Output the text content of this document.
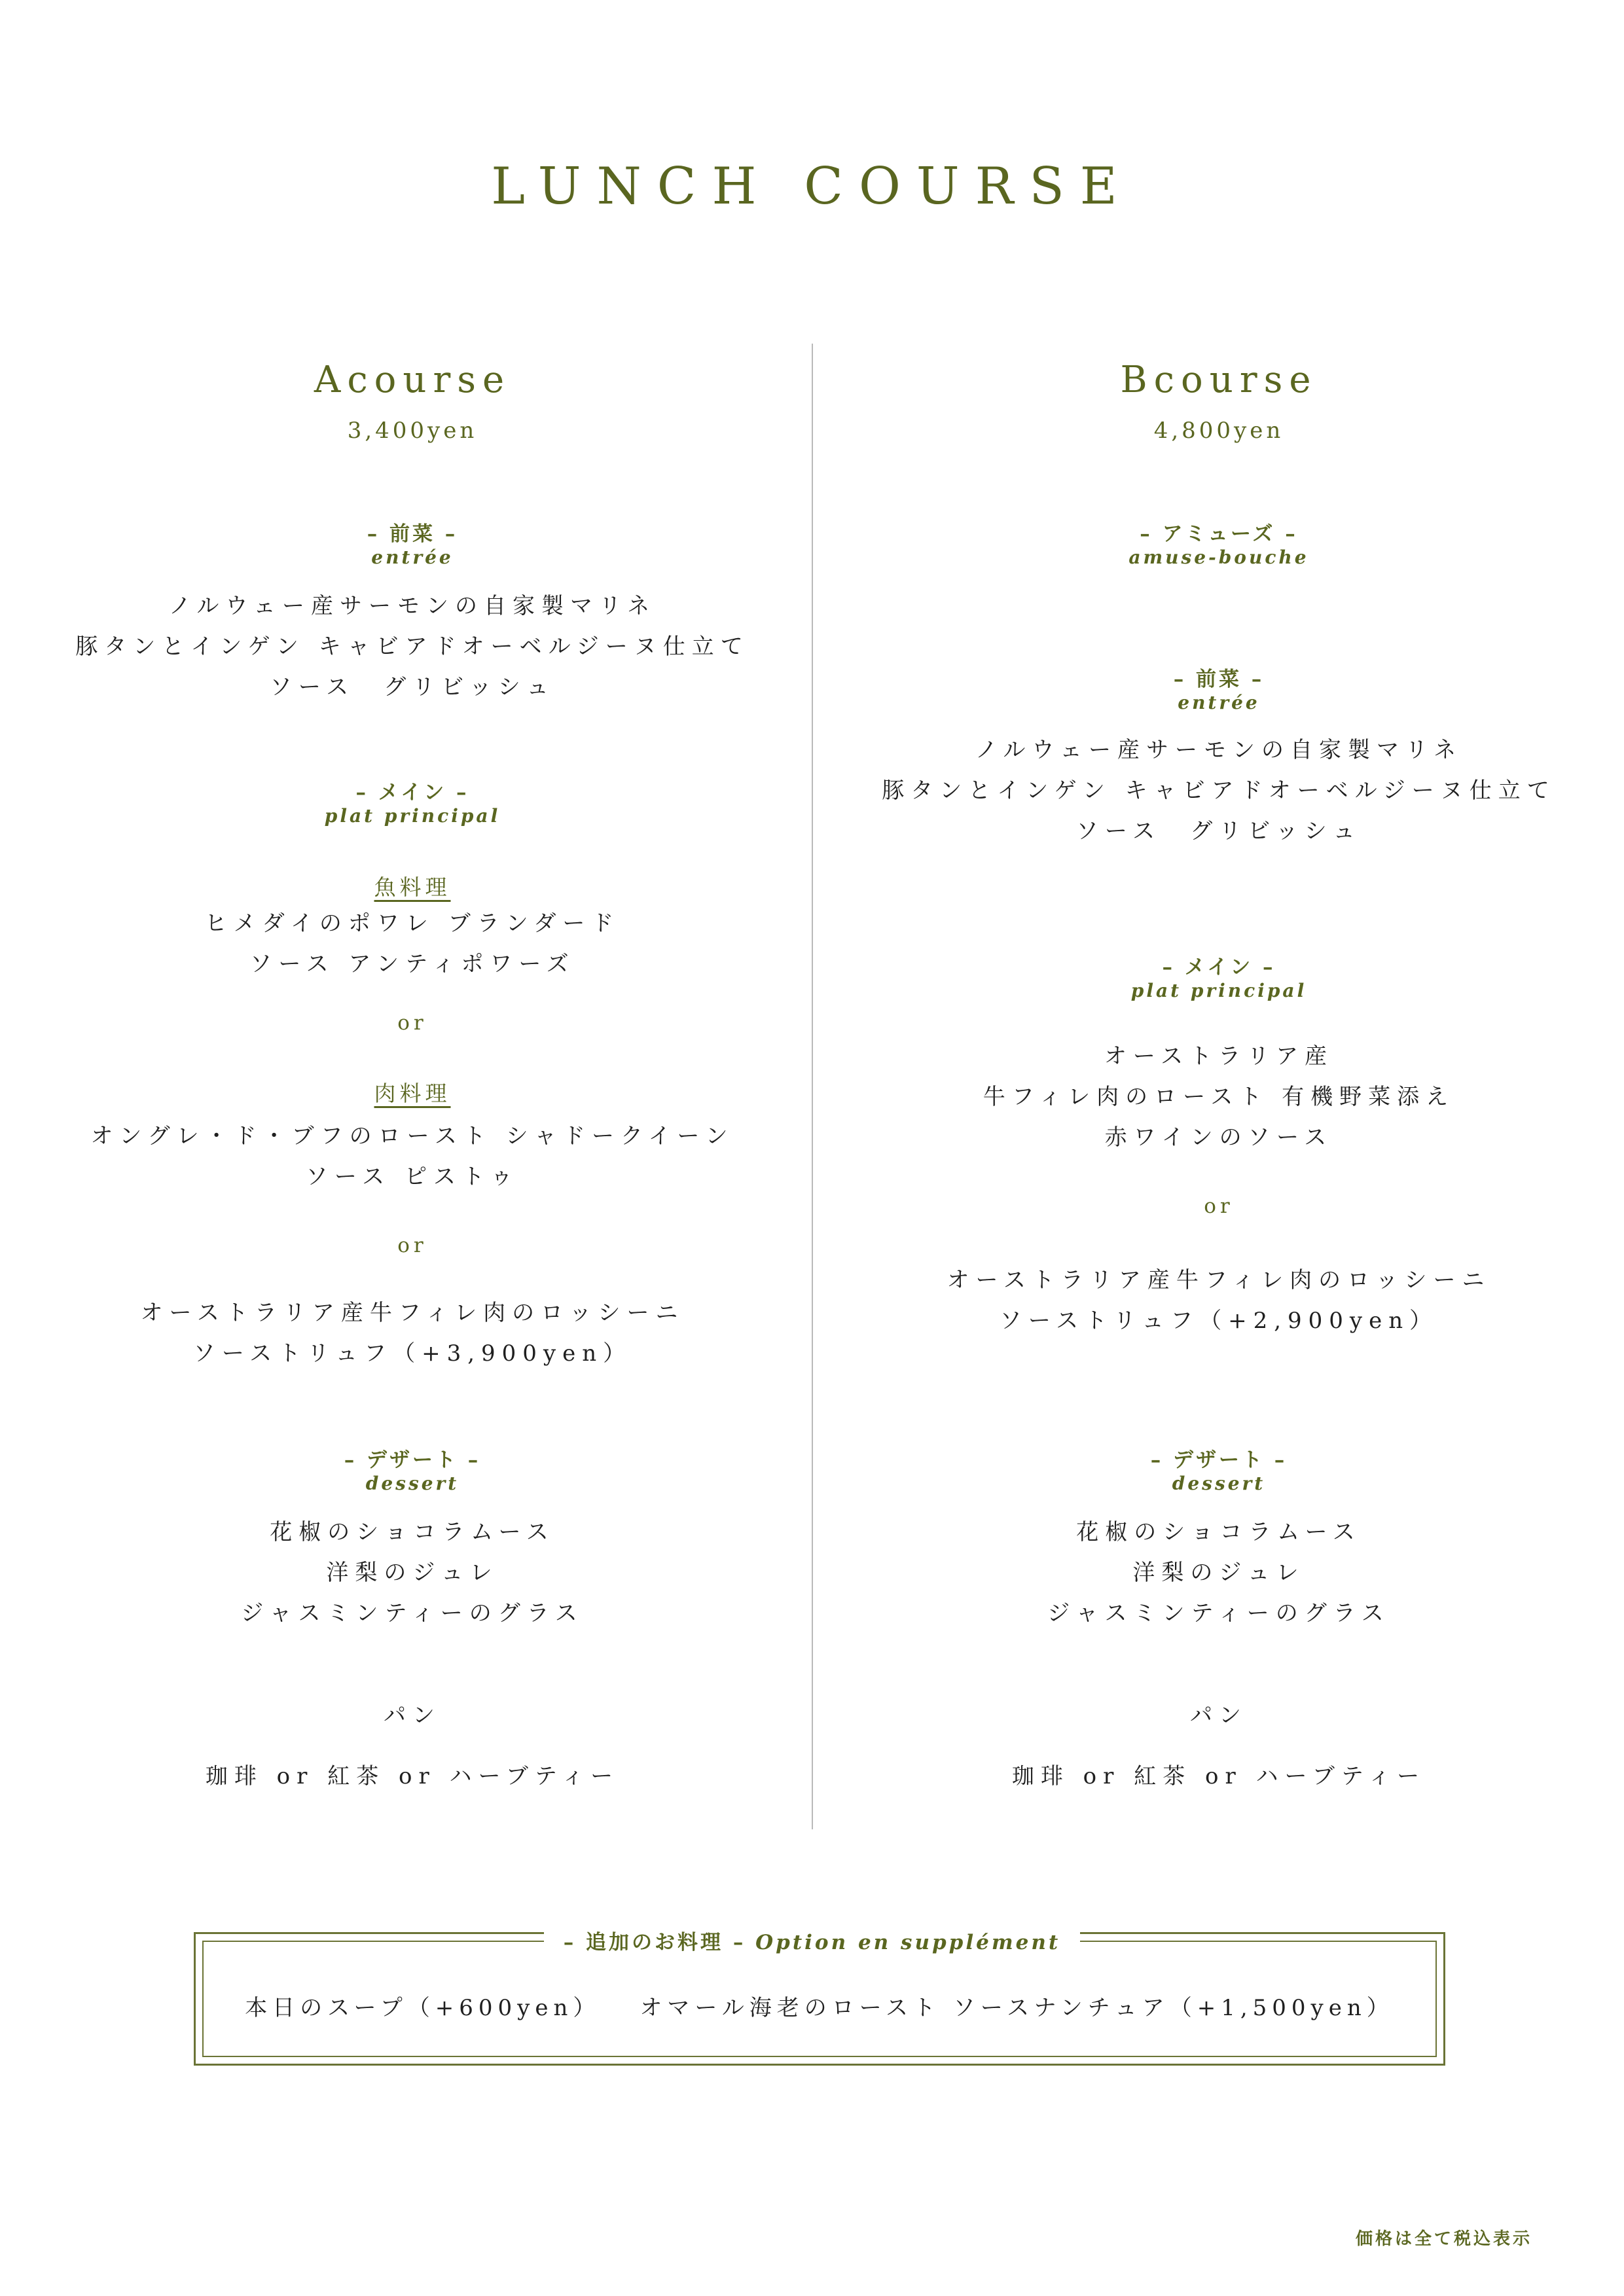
LUNCH COURSE
Acourse
3,400yen
– 前菜 –
entrée
ノルウェー産サーモンの自家製マリネ
豚タンとインゲン キャビアドオーベルジーヌ仕立て
ソース　グリビッシュ
– メイン –
plat principal
魚料理
ヒメダイのポワレ ブランダード
ソース アンティポワーズ
or
肉料理
オングレ・ド・ブフのロースト シャドークイーン
ソース ピストゥ
or
オーストラリア産牛フィレ肉のロッシーニ
ソーストリュフ（+3,900yen）
– デザート –
dessert
花椒のショコラムース
洋梨のジュレ
ジャスミンティーのグラス
パン
珈琲 or 紅茶 or ハーブティー
Bcourse
4,800yen
– アミューズ –
amuse-bouche
– 前菜 –
entrée
ノルウェー産サーモンの自家製マリネ
豚タンとインゲン キャビアドオーベルジーヌ仕立て
ソース　グリビッシュ
– メイン –
plat principal
オーストラリア産
牛フィレ肉のロースト 有機野菜添え
赤ワインのソース
or
オーストラリア産牛フィレ肉のロッシーニ
ソーストリュフ（+2,900yen）
– デザート –
dessert
花椒のショコラムース
洋梨のジュレ
ジャスミンティーのグラス
パン
珈琲 or 紅茶 or ハーブティー
– 追加のお料理 – Option en supplément
本日のスープ（+600yen） オマール海老のロースト ソースナンチュア（+1,500yen）
価格は全て税込表示
